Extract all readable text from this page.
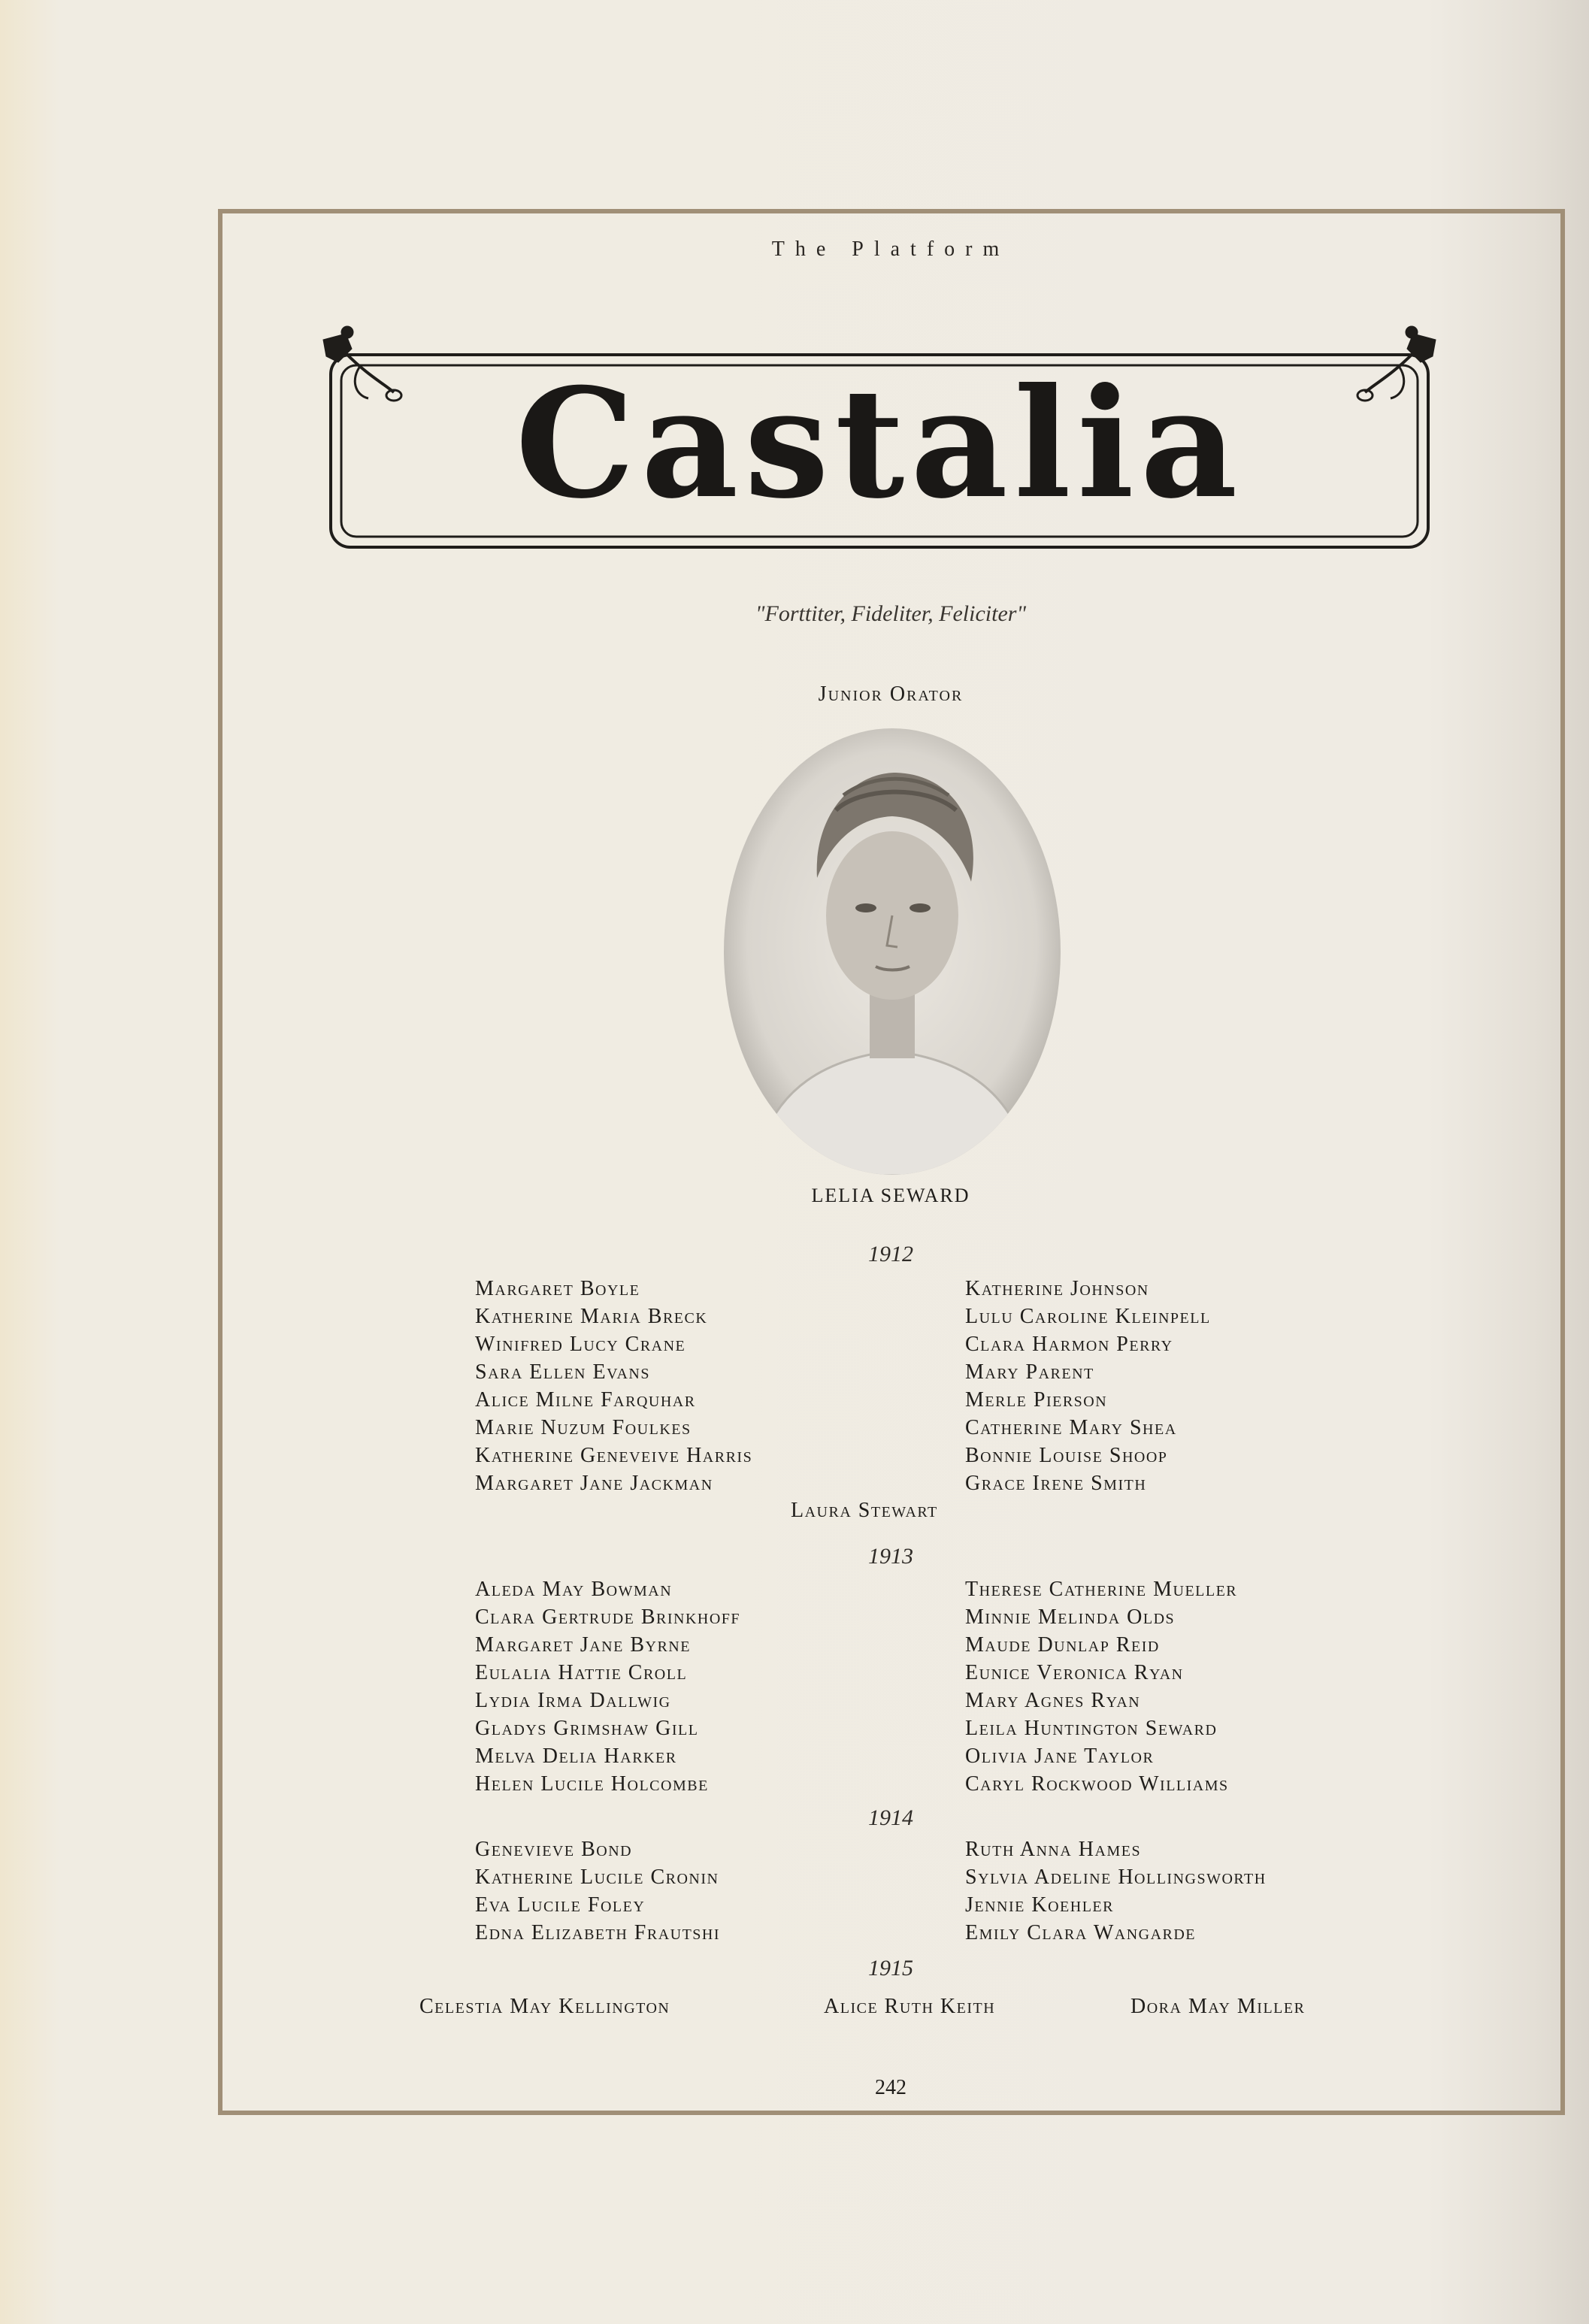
The Platform
Castalia
"Forttiter, Fideliter, Feliciter"
Junior Orator
LELIA SEWARD
1912
Margaret Boyle
Katherine Maria Breck
Winifred Lucy Crane
Sara Ellen Evans
Alice Milne Farquhar
Marie Nuzum Foulkes
Katherine Geneveive Harris
Margaret Jane Jackman
Katherine Johnson
Lulu Caroline Kleinpell
Clara Harmon Perry
Mary Parent
Merle Pierson
Catherine Mary Shea
Bonnie Louise Shoop
Grace Irene Smith
Laura Stewart
1913
Aleda May Bowman
Clara Gertrude Brinkhoff
Margaret Jane Byrne
Eulalia Hattie Croll
Lydia Irma Dallwig
Gladys Grimshaw Gill
Melva Delia Harker
Helen Lucile Holcombe
Therese Catherine Mueller
Minnie Melinda Olds
Maude Dunlap Reid
Eunice Veronica Ryan
Mary Agnes Ryan
Leila Huntington Seward
Olivia Jane Taylor
Caryl Rockwood Williams
1914
Genevieve Bond
Katherine Lucile Cronin
Eva Lucile Foley
Edna Elizabeth Frautshi
Ruth Anna Hames
Sylvia Adeline Hollingsworth
Jennie Koehler
Emily Clara Wangarde
1915
Celestia May Kellington	Alice Ruth Keith	Dora May Miller
242
